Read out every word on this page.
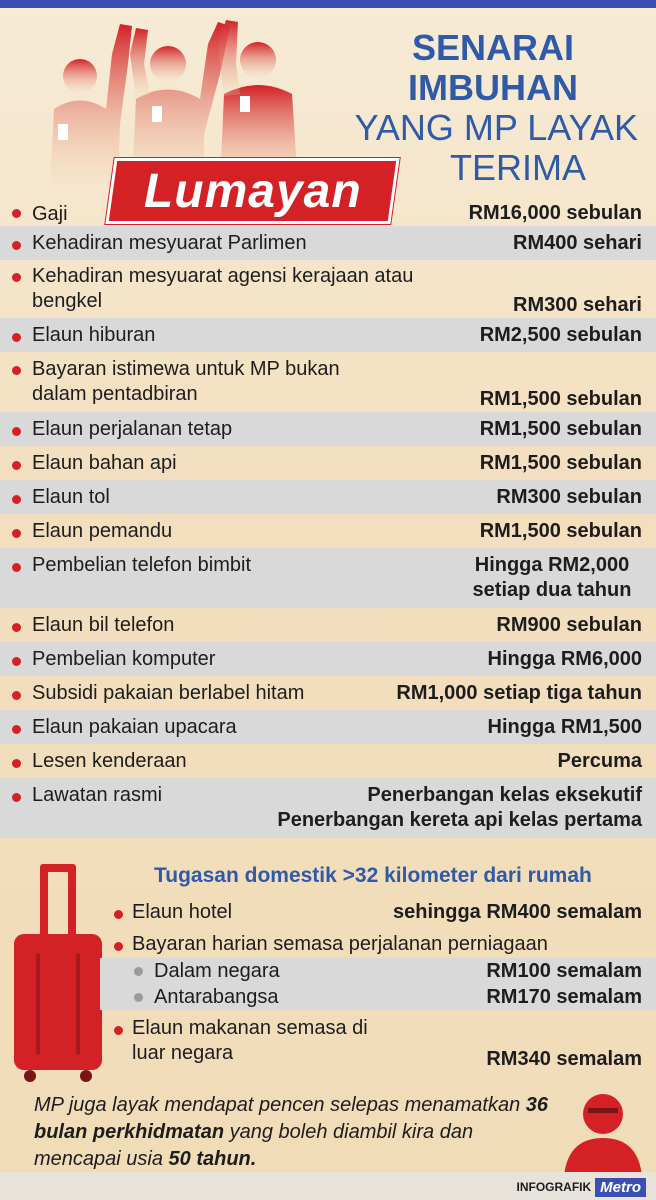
SENARAI
IMBUHAN
YANG MP LAYAK
TERIMA
Lumayan
Gaji	RM16,000 sebulan
Kehadiran mesyuarat Parlimen	RM400 sehari
Kehadiran mesyuarat agensi kerajaan atau bengkel	RM300 sehari
Elaun hiburan	RM2,500 sebulan
Bayaran istimewa untuk MP bukan dalam pentadbiran	RM1,500 sebulan
Elaun perjalanan tetap	RM1,500 sebulan
Elaun bahan api	RM1,500 sebulan
Elaun tol	RM300 sebulan
Elaun pemandu	RM1,500 sebulan
Pembelian telefon bimbit	Hingga RM2,000 setiap dua tahun
Elaun bil telefon	RM900 sebulan
Pembelian komputer	Hingga RM6,000
Subsidi pakaian berlabel hitam	RM1,000 setiap tiga tahun
Elaun pakaian upacara	Hingga RM1,500
Lesen kenderaan	Percuma
Lawatan rasmi	Penerbangan kelas eksekutif
Penerbangan kereta api kelas pertama
Tugasan domestik >32 kilometer dari rumah
Elaun hotel	sehingga RM400 semalam
Bayaran harian semasa perjalanan perniagaan
Dalam negara	RM100 semalam
Antarabangsa	RM170 semalam
Elaun makanan semasa di luar negara	RM340 semalam
MP juga layak mendapat pencen selepas menamatkan 36 bulan perkhidmatan yang boleh diambil kira dan mencapai usia 50 tahun.
INFOGRAFIK Metro
